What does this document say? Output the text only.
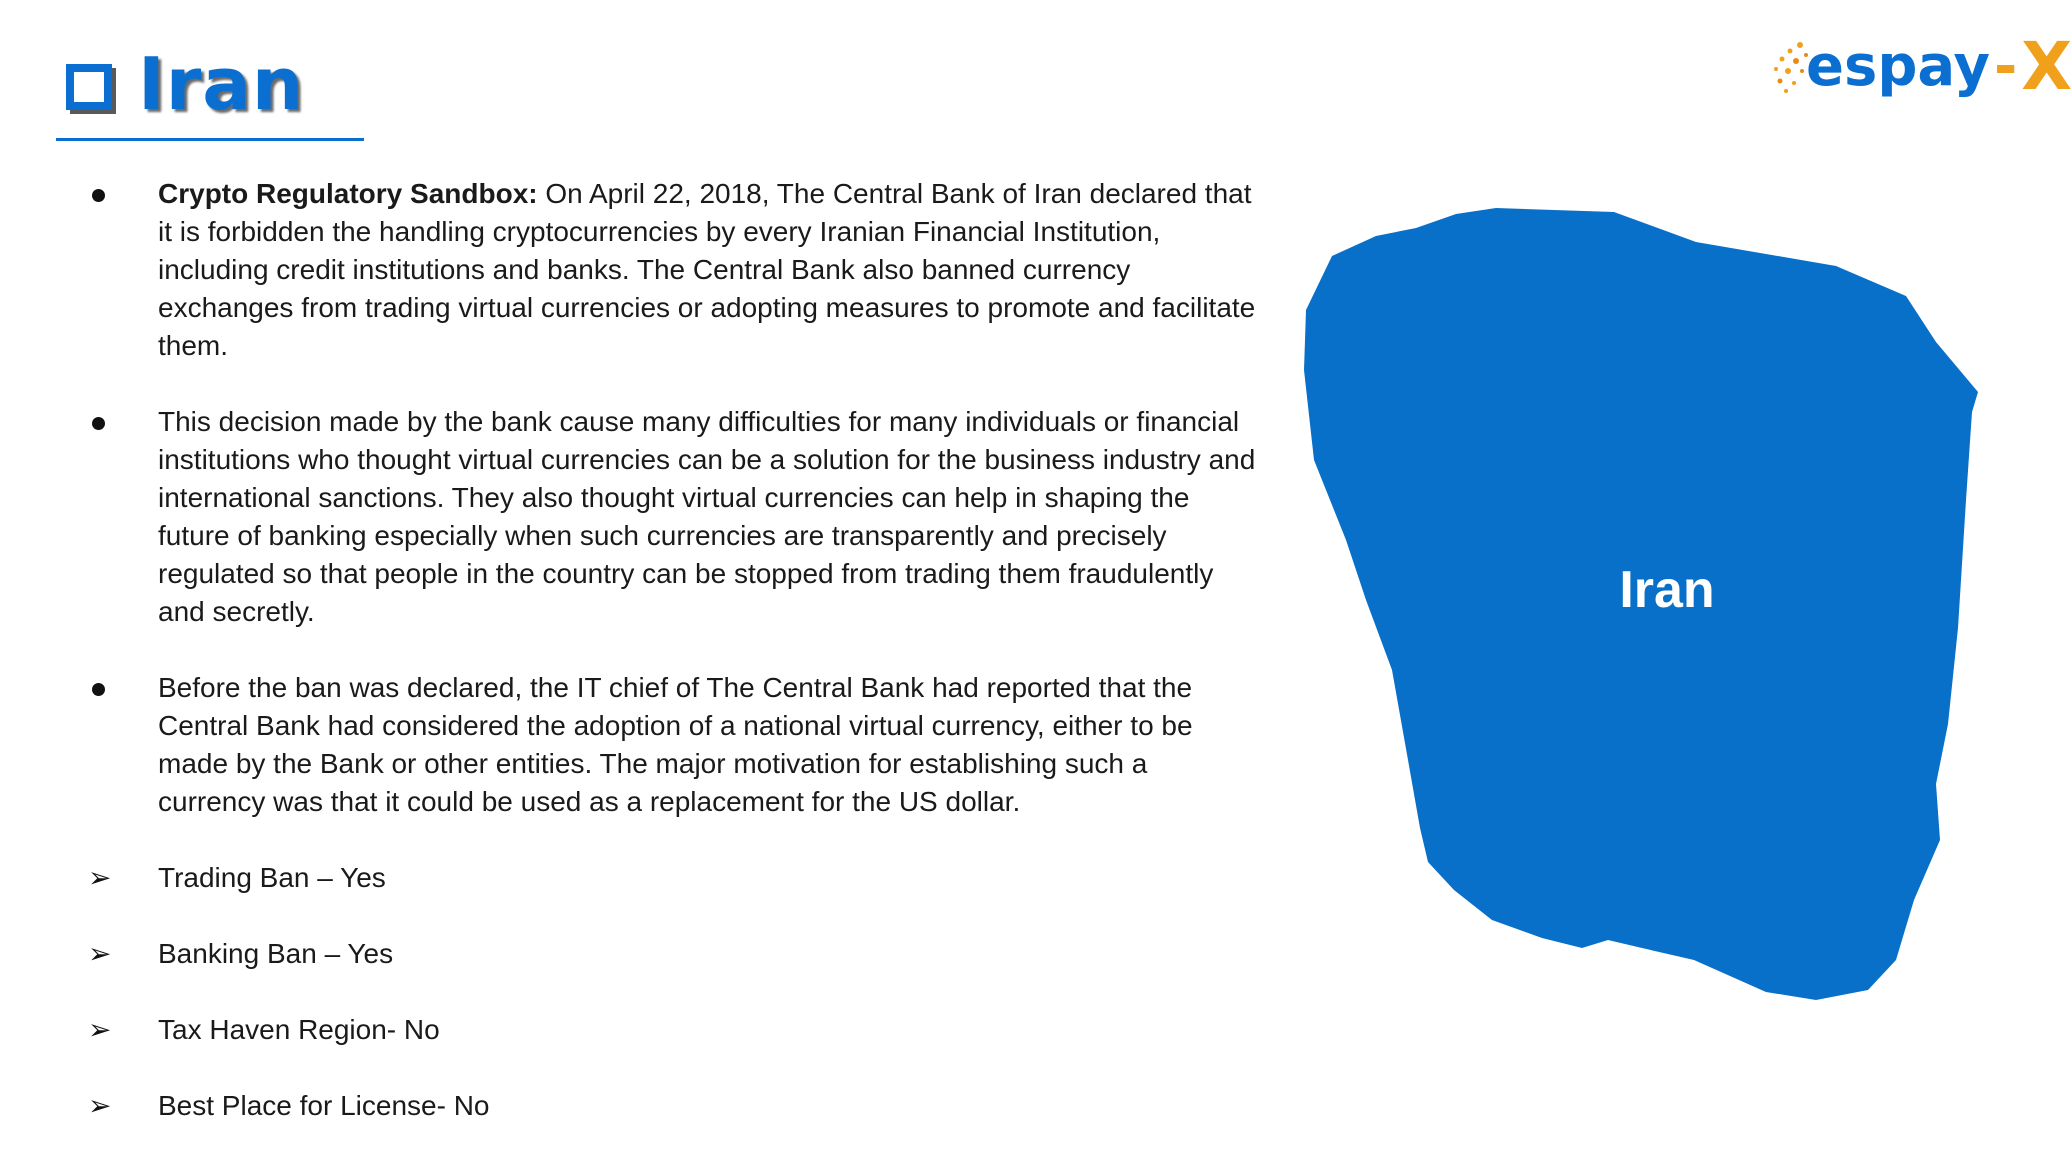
Iran	espay - X
Crypto Regulatory Sandbox: On April 22, 2018, The Central Bank of Iran declared that it is forbidden the handling cryptocurrencies by every Iranian Financial Institution, including credit institutions and banks. The Central Bank also banned currency exchanges from trading virtual currencies or adopting measures to promote and facilitate them.
This decision made by the bank cause many difficulties for many individuals or financial institutions who thought virtual currencies can be a solution for the business industry and international sanctions. They also thought virtual currencies can help in shaping the future of banking especially when such currencies are transparently and precisely regulated so that people in the country can be stopped from trading them fraudulently and secretly.
Before the ban was declared, the IT chief of The Central Bank had reported that the Central Bank had considered the adoption of a national virtual currency, either to be made by the Bank or other entities. The major motivation for establishing such a currency was that it could be used as a replacement for the US dollar.
➢ Trading Ban – Yes
➢ Banking Ban – Yes
➢ Tax Haven Region- No
➢ Best Place for License- No
Iran
